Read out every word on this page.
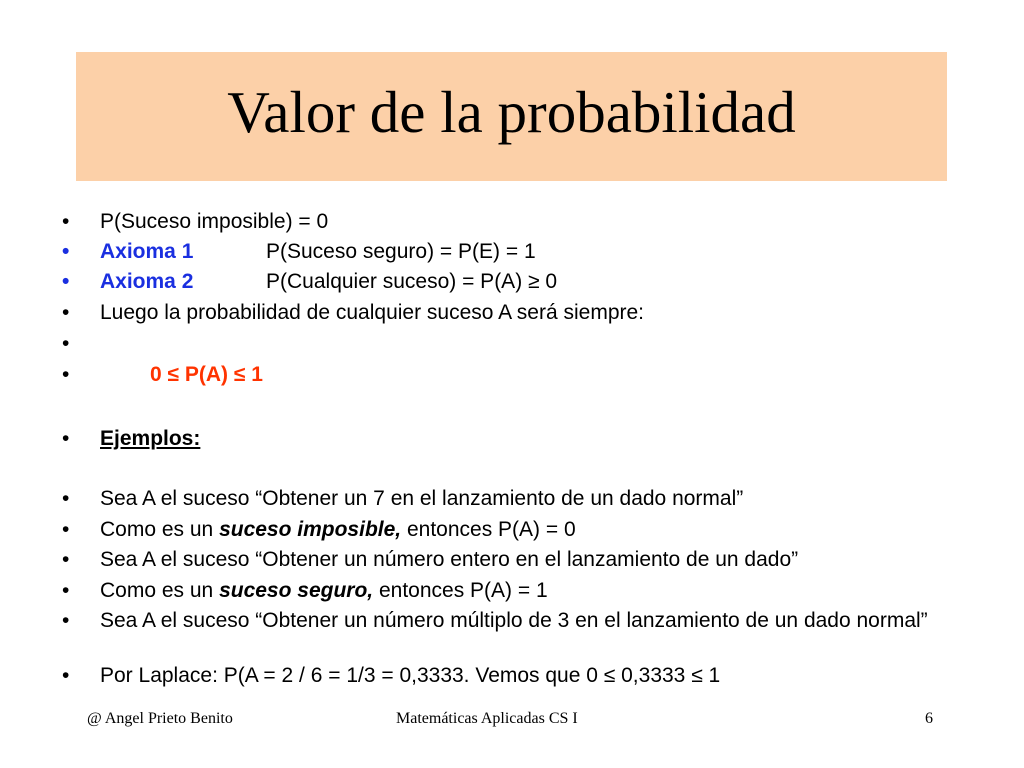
Valor de la probabilidad
•	P(Suceso imposible) = 0
•	Axioma 1	P(Suceso seguro) = P(E) = 1
•	Axioma 2	P(Cualquier suceso) = P(A) ≥ 0
•	Luego la probabilidad de cualquier suceso A será siempre:
•
•	0 ≤ P(A) ≤ 1
•	Ejemplos:
•	Sea A el suceso “Obtener un 7 en el lanzamiento de un dado normal”
•	Como es un suceso imposible, entonces P(A) = 0
•	Sea A el suceso “Obtener un número entero en el lanzamiento de un dado”
•	Como es un suceso seguro, entonces P(A) = 1
•	Sea A el suceso “Obtener un número múltiplo de 3 en el lanzamiento de un dado normal”
•	Por Laplace: P(A = 2 / 6 = 1/3 = 0,3333. Vemos que 0 ≤ 0,3333 ≤ 1
@ Angel Prieto Benito	Matemáticas Aplicadas CS I	6
